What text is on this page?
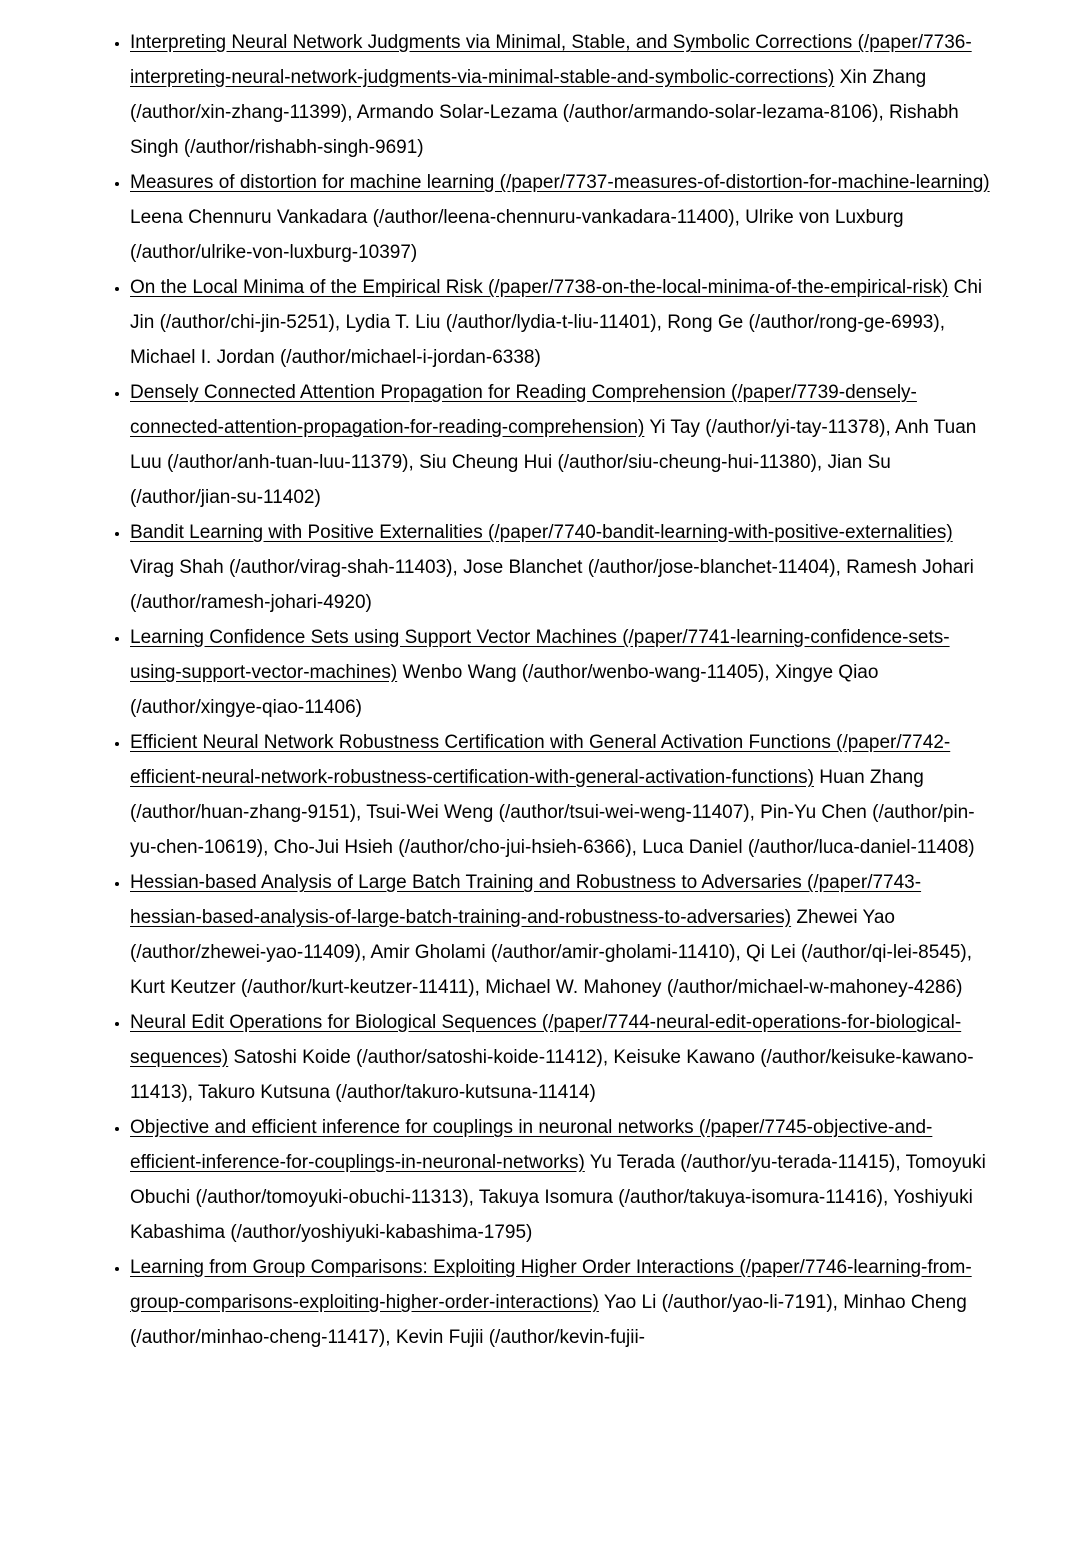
• Interpreting Neural Network Judgments via Minimal, Stable, and Symbolic Corrections (/paper/7736-interpreting-neural-network-judgments-via-minimal-stable-and-symbolic-corrections) Xin Zhang (/author/xin-zhang-11399), Armando Solar-Lezama (/author/armando-solar-lezama-8106), Rishabh Singh (/author/rishabh-singh-9691)
• Measures of distortion for machine learning (/paper/7737-measures-of-distortion-for-machine-learning) Leena Chennuru Vankadara (/author/leena-chennuru-vankadara-11400), Ulrike von Luxburg (/author/ulrike-von-luxburg-10397)
• On the Local Minima of the Empirical Risk (/paper/7738-on-the-local-minima-of-the-empirical-risk) Chi Jin (/author/chi-jin-5251), Lydia T. Liu (/author/lydia-t-liu-11401), Rong Ge (/author/rong-ge-6993), Michael I. Jordan (/author/michael-i-jordan-6338)
• Densely Connected Attention Propagation for Reading Comprehension (/paper/7739-densely-connected-attention-propagation-for-reading-comprehension) Yi Tay (/author/yi-tay-11378), Anh Tuan Luu (/author/anh-tuan-luu-11379), Siu Cheung Hui (/author/siu-cheung-hui-11380), Jian Su (/author/jian-su-11402)
• Bandit Learning with Positive Externalities (/paper/7740-bandit-learning-with-positive-externalities) Virag Shah (/author/virag-shah-11403), Jose Blanchet (/author/jose-blanchet-11404), Ramesh Johari (/author/ramesh-johari-4920)
• Learning Confidence Sets using Support Vector Machines (/paper/7741-learning-confidence-sets-using-support-vector-machines) Wenbo Wang (/author/wenbo-wang-11405), Xingye Qiao (/author/xingye-qiao-11406)
• Efficient Neural Network Robustness Certification with General Activation Functions (/paper/7742-efficient-neural-network-robustness-certification-with-general-activation-functions) Huan Zhang (/author/huan-zhang-9151), Tsui-Wei Weng (/author/tsui-wei-weng-11407), Pin-Yu Chen (/author/pin-yu-chen-10619), Cho-Jui Hsieh (/author/cho-jui-hsieh-6366), Luca Daniel (/author/luca-daniel-11408)
• Hessian-based Analysis of Large Batch Training and Robustness to Adversaries (/paper/7743-hessian-based-analysis-of-large-batch-training-and-robustness-to-adversaries) Zhewei Yao (/author/zhewei-yao-11409), Amir Gholami (/author/amir-gholami-11410), Qi Lei (/author/qi-lei-8545), Kurt Keutzer (/author/kurt-keutzer-11411), Michael W. Mahoney (/author/michael-w-mahoney-4286)
• Neural Edit Operations for Biological Sequences (/paper/7744-neural-edit-operations-for-biological-sequences) Satoshi Koide (/author/satoshi-koide-11412), Keisuke Kawano (/author/keisuke-kawano-11413), Takuro Kutsuna (/author/takuro-kutsuna-11414)
• Objective and efficient inference for couplings in neuronal networks (/paper/7745-objective-and-efficient-inference-for-couplings-in-neuronal-networks) Yu Terada (/author/yu-terada-11415), Tomoyuki Obuchi (/author/tomoyuki-obuchi-11313), Takuya Isomura (/author/takuya-isomura-11416), Yoshiyuki Kabashima (/author/yoshiyuki-kabashima-1795)
• Learning from Group Comparisons: Exploiting Higher Order Interactions (/paper/7746-learning-from-group-comparisons-exploiting-higher-order-interactions) Yao Li (/author/yao-li-7191), Minhao Cheng (/author/minhao-cheng-11417), Kevin Fujii (/author/kevin-fujii-
